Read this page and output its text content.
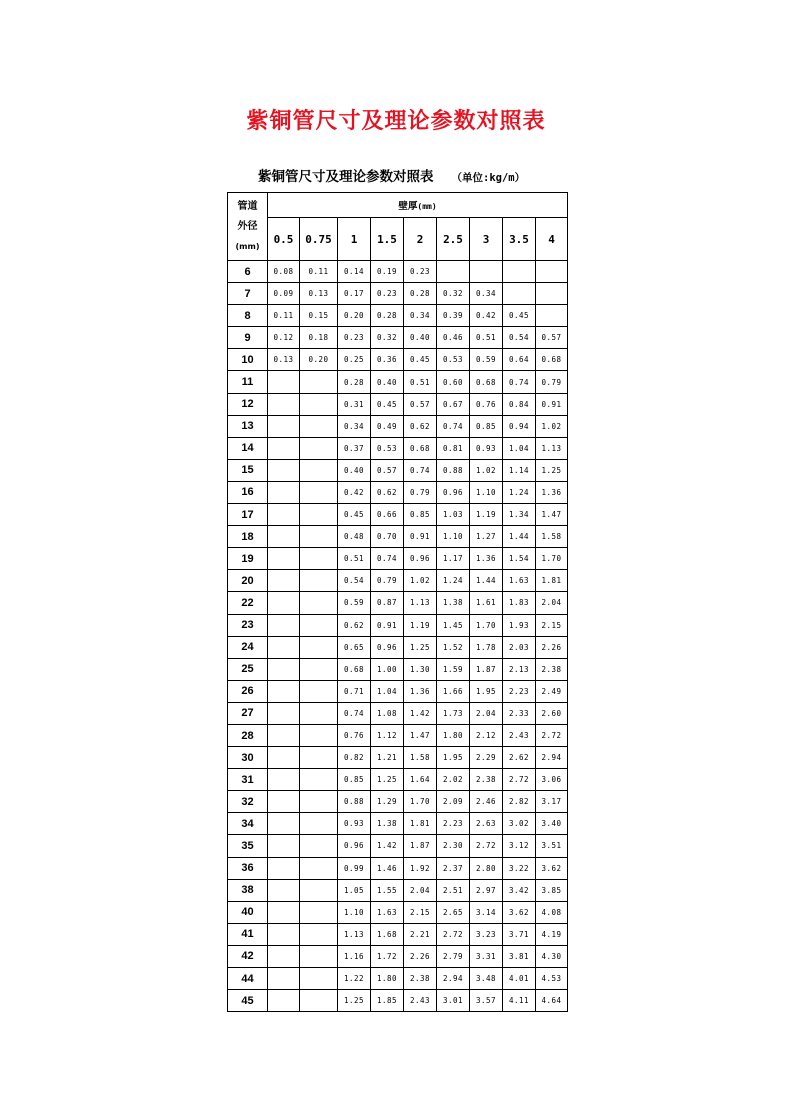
紫铜管尺寸及理论参数对照表
紫铜管尺寸及理论参数对照表 （单位:kg/m）
管道
外径
(mm)	壁厚(mm)								
	0.5	0.75	1	1.5	2	2.5	3	3.5	4
6	0.08	0.11	0.14	0.19	0.23				
7	0.09	0.13	0.17	0.23	0.28	0.32	0.34		
8	0.11	0.15	0.20	0.28	0.34	0.39	0.42	0.45	
9	0.12	0.18	0.23	0.32	0.40	0.46	0.51	0.54	0.57
10	0.13	0.20	0.25	0.36	0.45	0.53	0.59	0.64	0.68
11			0.28	0.40	0.51	0.60	0.68	0.74	0.79
12			0.31	0.45	0.57	0.67	0.76	0.84	0.91
13			0.34	0.49	0.62	0.74	0.85	0.94	1.02
14			0.37	0.53	0.68	0.81	0.93	1.04	1.13
15			0.40	0.57	0.74	0.88	1.02	1.14	1.25
16			0.42	0.62	0.79	0.96	1.10	1.24	1.36
17			0.45	0.66	0.85	1.03	1.19	1.34	1.47
18			0.48	0.70	0.91	1.10	1.27	1.44	1.58
19			0.51	0.74	0.96	1.17	1.36	1.54	1.70
20			0.54	0.79	1.02	1.24	1.44	1.63	1.81
22			0.59	0.87	1.13	1.38	1.61	1.83	2.04
23			0.62	0.91	1.19	1.45	1.70	1.93	2.15
24			0.65	0.96	1.25	1.52	1.78	2.03	2.26
25			0.68	1.00	1.30	1.59	1.87	2.13	2.38
26			0.71	1.04	1.36	1.66	1.95	2.23	2.49
27			0.74	1.08	1.42	1.73	2.04	2.33	2.60
28			0.76	1.12	1.47	1.80	2.12	2.43	2.72
30			0.82	1.21	1.58	1.95	2.29	2.62	2.94
31			0.85	1.25	1.64	2.02	2.38	2.72	3.06
32			0.88	1.29	1.70	2.09	2.46	2.82	3.17
34			0.93	1.38	1.81	2.23	2.63	3.02	3.40
35			0.96	1.42	1.87	2.30	2.72	3.12	3.51
36			0.99	1.46	1.92	2.37	2.80	3.22	3.62
38			1.05	1.55	2.04	2.51	2.97	3.42	3.85
40			1.10	1.63	2.15	2.65	3.14	3.62	4.08
41			1.13	1.68	2.21	2.72	3.23	3.71	4.19
42			1.16	1.72	2.26	2.79	3.31	3.81	4.30
44			1.22	1.80	2.38	2.94	3.48	4.01	4.53
45			1.25	1.85	2.43	3.01	3.57	4.11	4.64
